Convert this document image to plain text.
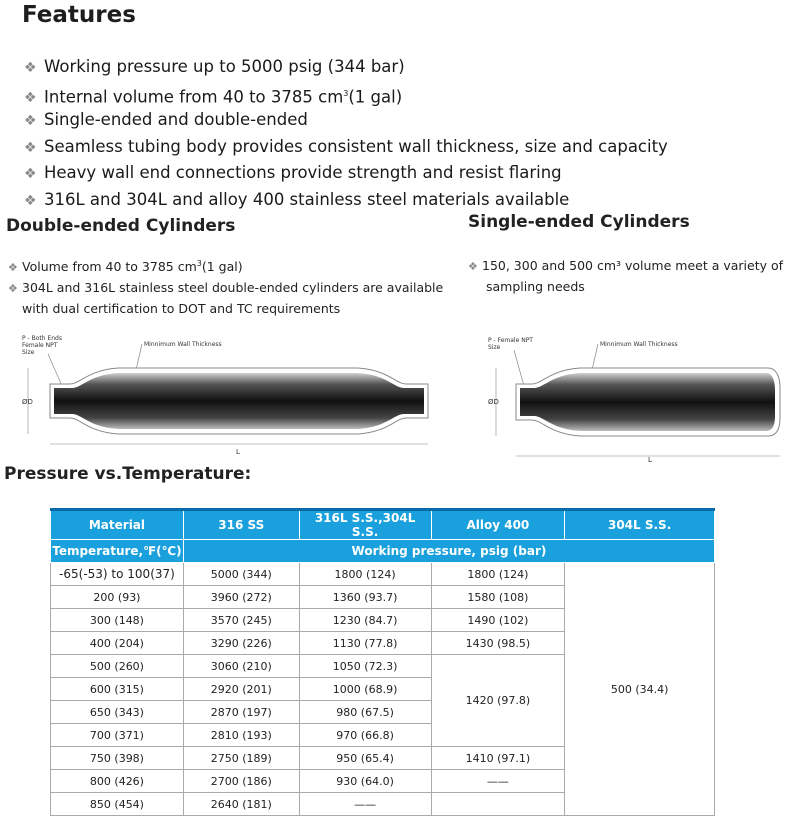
Features
❖ Working pressure up to 5000 psig (344 bar)
❖ Internal volume from 40 to 3785 $cm^3(1$ gal)
❖ Single-ended and double-ended
❖ Seamless tubing body provides consistent wall thickness, size and capacity
❖ Heavy wall end connections provide strength and resist flaring
❖ 316L and 304L and alloy 400 stainless steel materials available
Double-ended Cylinders
❖ Volume from 40 to 3785 $cm^3(1$ gal)
❖ 304L and 316L stainless steel double-ended cylinders are available
with dual certification to DOT and TC requirements
P - Both Ends
Female NPT
Size
Minnimum Wall Thickness
ØD
L
Single-ended Cylinders
❖ 150, 300 and 500 cm³ volume meet a variety of
sampling needs
P - Female NPT
Size	Minnimum Wall Thickness
ØD
L
Pressure vs.Temperature:
Material	316 SS	316L S.S.,304L S.S.	Alloy 400	304L S.S.
Temperature,℉(℃)	Working pressure, psig (bar)			
-65(-53) to 100(37)	5000 (344)	1800 (124)	1800 (124)	500 (34.4)
200 (93)	3960 (272)	1360 (93.7)	1580 (108)	
300 (148)	3570 (245)	1230 (84.7)	1490 (102)	
400 (204)	3290 (226)	1130 (77.8)	1430 (98.5)	
500 (260)	3060 (210)	1050 (72.3)	1420 (97.8)	
600 (315)	2920 (201)	1000 (68.9)		
650 (343)	2870 (197)	980 (67.5)		
700 (371)	2810 (193)	970 (66.8)		
750 (398)	2750 (189)	950 (65.4)	1410 (97.1)	
800 (426)	2700 (186)	930 (64.0)	——	
850 (454)	2640 (181)	——		
